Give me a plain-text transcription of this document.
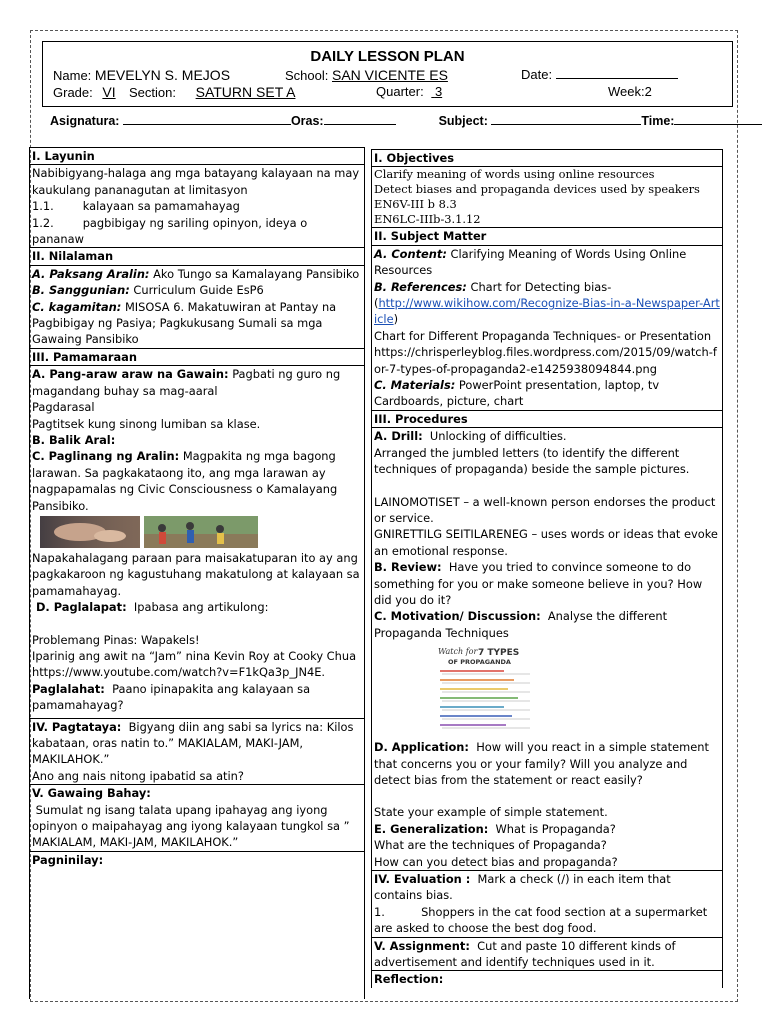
DAILY LESSON PLAN
Name: MEVELYN S. MEJOS	School: SAN VICENTE ES	Date:
Grade: VI Section: SATURN SET A	Quarter: 3	Week:2
Asignatura:	Oras:	Subject:	Time:
I. Layunin
Nabibigyang-halaga ang mga batayang kalayaan na may kaukulang pananagutan at limitasyon
1.1.        kalayaan sa pamamahayag
1.2.        pagbibigay ng sariling opinyon, ideya o pananaw
II. Nilalaman
A. Paksang Aralin: Ako Tungo sa Kamalayang Pansibiko
B. Sanggunian: Curriculum Guide EsP6
C. kagamitan: MISOSA 6. Makatuwiran at Pantay na Pagbibigay ng Pasiya; Pagkukusang Sumali sa mga Gawaing Pansibiko
III. Pamamaraan
A. Pang-araw araw na Gawain: Pagbati ng guro ng magandang buhay sa mag-aaral
Pagdarasal
Pagtitsek kung sinong lumiban sa klase.
B. Balik Aral:
C. Paglinang ng Aralin: Magpakita ng mga bagong larawan. Sa pagkakataong ito, ang mga larawan ay nagpapamalas ng Civic Consciousness o Kamalayang Pansibiko.
Napakahalagang paraan para maisakatuparan ito ay ang pagkakaroon ng kagustuhang makatulong at kalayaan sa pamamahayag.
D. Paglalapat: Ipabasa ang artikulong:
Problemang Pinas: Wapakels!
Iparinig ang awit na “Jam” nina Kevin Roy at Cooky Chua https://www.youtube.com/watch?v=F1kQa3p_JN4E.
Paglalahat: Paano ipinapakita ang kalayaan sa pamamahayag?
IV. Pagtataya: Bigyang diin ang sabi sa lyrics na: Kilos kabataan, oras natin to.” MAKIALAM, MAKI-JAM, MAKILAHOK.”
Ano ang nais nitong ipabatid sa atin?
V. Gawaing Bahay:
Sumulat ng isang talata upang ipahayag ang iyong opinyon o maipahayag ang iyong kalayaan tungkol sa ” MAKIALAM, MAKI-JAM, MAKILAHOK.”
Pagninilay:
I. Objectives
Clarify meaning of words using online resources
Detect biases and propaganda devices used by speakers
EN6V-III b 8.3
EN6LC-IIIb-3.1.12
II. Subject Matter
A. Content: Clarifying Meaning of Words Using Online Resources
B. References: Chart for Detecting bias-
(http://www.wikihow.com/Recognize-Bias-in-a-Newspaper-Article)
Chart for Different Propaganda Techniques- or Presentation
https://chrisperleyblog.files.wordpress.com/2015/09/watch-for-7-types-of-propaganda2-e1425938094844.png
C. Materials: PowerPoint presentation, laptop, tv Cardboards, picture, chart
III. Procedures
A. Drill: Unlocking of difficulties.
Arranged the jumbled letters (to identify the different techniques of propaganda) beside the sample pictures.
LAINOMOTISET – a well-known person endorses the product or service.
GNIRETTILG SEITILARENEG – uses words or ideas that evoke an emotional response.
B. Review: Have you tried to convince someone to do something for you or make someone believe in you? How did you do it?
C. Motivation/ Discussion: Analyse the different Propaganda Techniques
Watch for 7 TYPES
OF PROPAGANDA
D. Application: How will you react in a simple statement that concerns you or your family? Will you analyze and detect bias from the statement or react easily?
State your example of simple statement.
E. Generalization: What is Propaganda?
What are the techniques of Propaganda?
How can you detect bias and propaganda?
IV. Evaluation : Mark a check (/) in each item that contains bias.
1.          Shoppers in the cat food section at a supermarket are asked to choose the best dog food.
V. Assignment: Cut and paste 10 different kinds of advertisement and identify techniques used in it.
Reflection:
